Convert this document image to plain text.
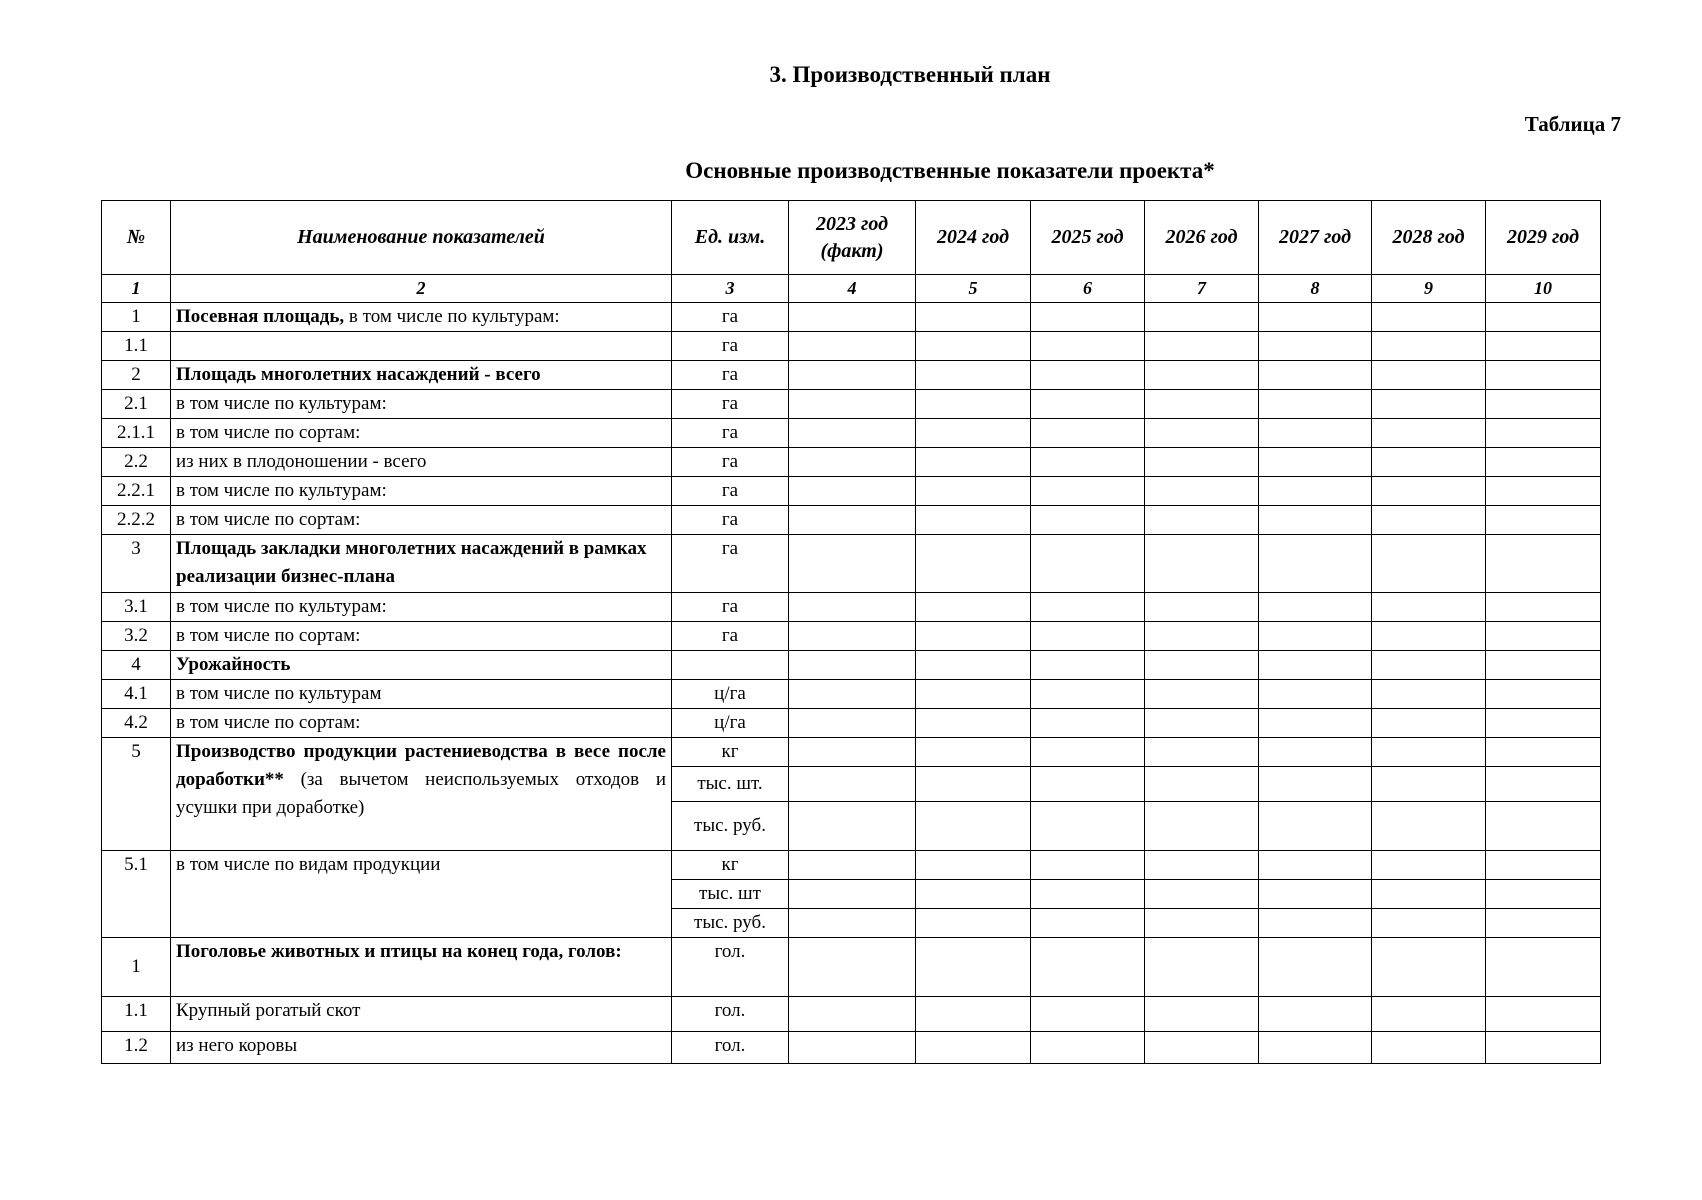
3. Производственный план
Таблица 7
Основные производственные показатели проекта*
№	Наименование показателей	Ед. изм.	2023 год (факт)	2024 год	2025 год	2026 год	2027 год	2028 год	2029 год
1	2	3	4	5	6	7	8	9	10
1	Посевная площадь, в том числе по культурам:	га							
1.1		га							
2	Площадь многолетних насаждений - всего	га							
2.1	в том числе по культурам:	га							
2.1.1	в том числе по сортам:	га							
2.2	из них в плодоношении - всего	га							
2.2.1	в том числе по культурам:	га							
2.2.2	в том числе по сортам:	га							
3	Площадь закладки многолетних насаждений в рамках реализации бизнес-плана	га							
3.1	в том числе по культурам:	га							
3.2	в том числе по сортам:	га							
4	Урожайность								
4.1	в том числе по культурам	ц/га							
4.2	в том числе по сортам:	ц/га							
5	Производство продукции растениеводства в весе после доработки** (за вычетом неиспользуемых отходов и усушки при доработке)	кг							
		тыс. шт.							
		тыс. руб.							
5.1	в том числе по видам продукции	кг							
		тыс. шт							
		тыс. руб.							
1	Поголовье животных и птицы на конец года, голов:	гол.							
1.1	Крупный рогатый скот	гол.							
1.2	из него коровы	гол.							
